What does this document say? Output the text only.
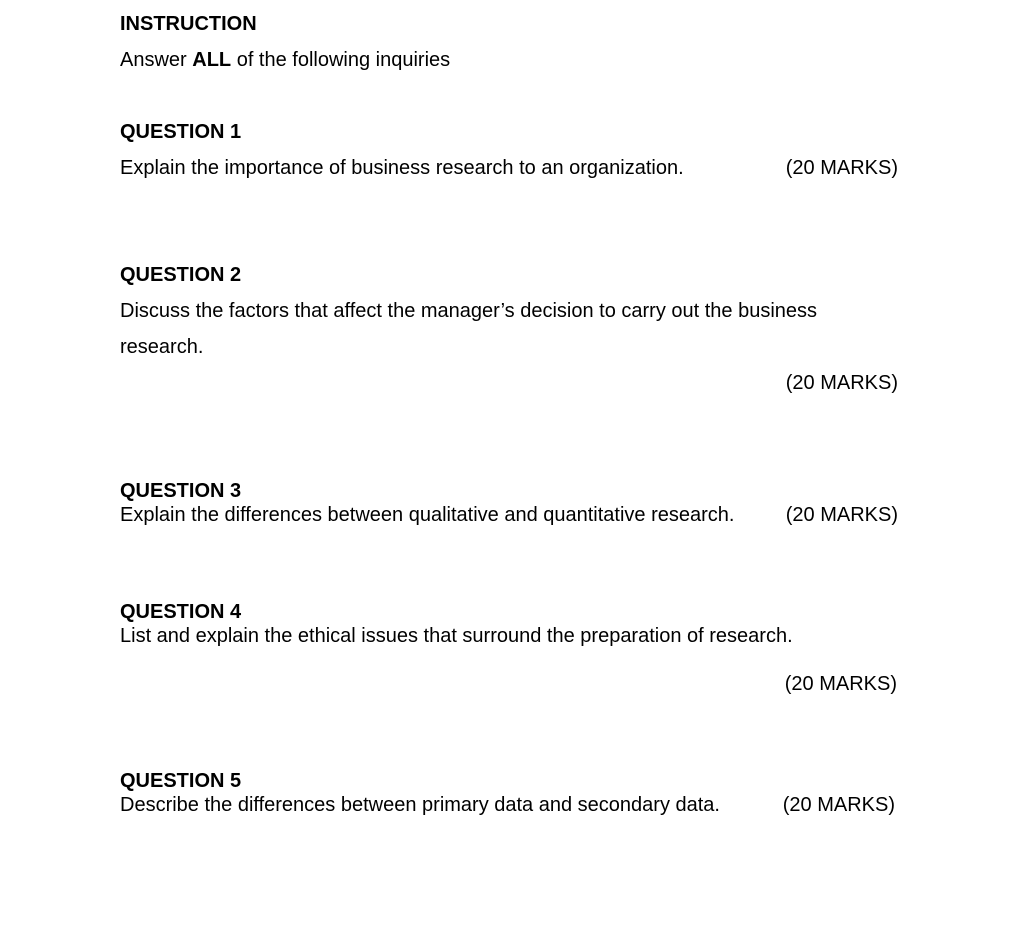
INSTRUCTION
Answer ALL of the following inquiries
QUESTION 1
Explain the importance of business research to an organization.	(20 MARKS)
QUESTION 2
Discuss the factors that affect the manager’s decision to carry out the business
research.
(20 MARKS)
QUESTION 3
Explain the differences between qualitative and quantitative research.	(20 MARKS)
QUESTION 4
List and explain the ethical issues that surround the preparation of research.
(20 MARKS)
QUESTION 5
Describe the differences between primary data and secondary data.	(20 MARKS)
